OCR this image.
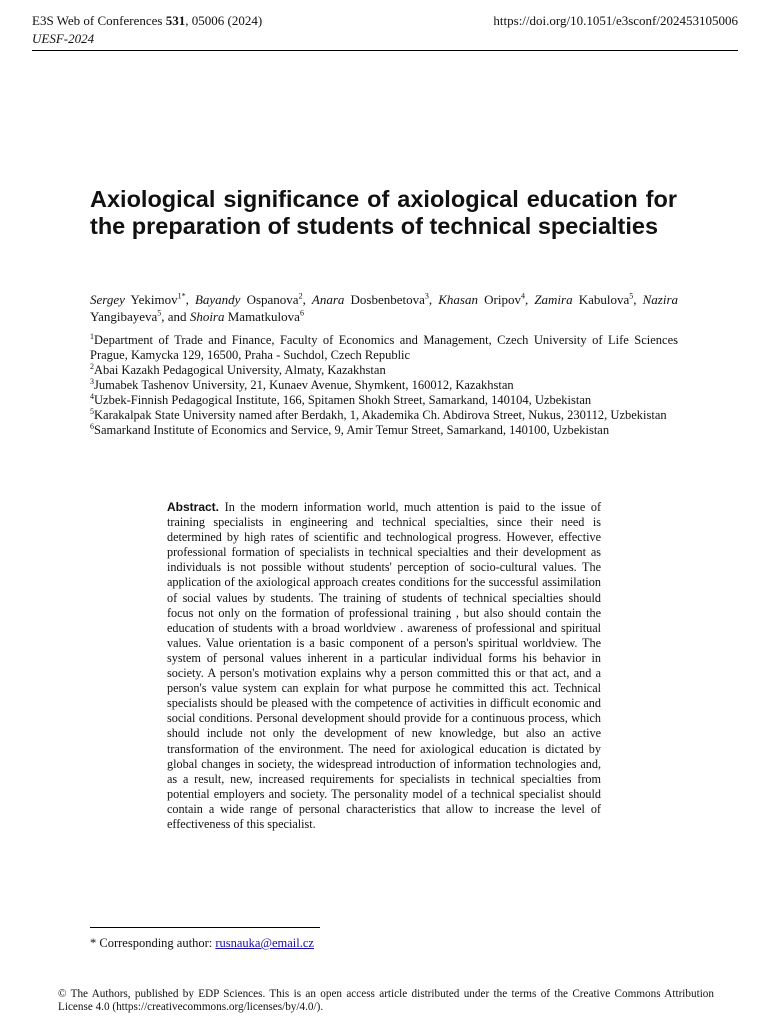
E3S Web of Conferences 531, 05006 (2024)
UESF-2024
https://doi.org/10.1051/e3sconf/202453105006
Axiological significance of axiological education for the preparation of students of technical specialties

Sergey Yekimov$^{1*}$, Bayandy Ospanova$^2$, Anara Dosbenbetova$^3$, Khasan Oripov$^4$, Zamira Kabulova$^5$, Nazira Yangibayeva$^5$, and Shoira Mamatkulova$^6$

$^1$Department of Trade and Finance, Faculty of Economics and Management, Czech University of Life Sciences Prague, Kamycka 129, 16500, Praha - Suchdol, Czech Republic
$^2$Abai Kazakh Pedagogical University, Almaty, Kazakhstan
$^3$Jumabek Tashenov University, 21, Kunaev Avenue, Shymkent, 160012, Kazakhstan
$^4$Uzbek-Finnish Pedagogical Institute, 166, Spitamen Shokh Street, Samarkand, 140104, Uzbekistan
$^5$Karakalpak State University named after Berdakh, 1, Akademika Ch. Abdirova Street, Nukus, 230112, Uzbekistan
$^6$Samarkand Institute of Economics and Service, 9, Amir Temur Street, Samarkand, 140100, Uzbekistan

Abstract. In the modern information world, much attention is paid to the issue of training specialists in engineering and technical specialties, since their need is determined by high rates of scientific and technological progress. However, effective professional formation of specialists in technical specialties and their development as individuals is not possible without students' perception of socio-cultural values. The application of the axiological approach creates conditions for the successful assimilation of social values by students. The training of students of technical specialties should focus not only on the formation of professional training , but also should contain the education of students with a broad worldview . awareness of professional and spiritual values. Value orientation is a basic component of a person's spiritual worldview. The system of personal values inherent in a particular individual forms his behavior in society. A person's motivation explains why a person committed this or that act, and a person's value system can explain for what purpose he committed this act. Technical specialists should be pleased with the competence of activities in difficult economic and social conditions. Personal development should provide for a continuous process, which should include not only the development of new knowledge, but also an active transformation of the environment. The need for axiological education is dictated by global changes in society, the widespread introduction of information technologies and, as a result, new, increased requirements for specialists in technical specialties from potential employers and society. The personality model of a technical specialist should contain a wide range of personal characteristics that allow to increase the level of effectiveness of this specialist.

* Corresponding author: rusnauka@email.cz

© The Authors, published by EDP Sciences. This is an open access article distributed under the terms of the Creative Commons Attribution License 4.0 (https://creativecommons.org/licenses/by/4.0/).
